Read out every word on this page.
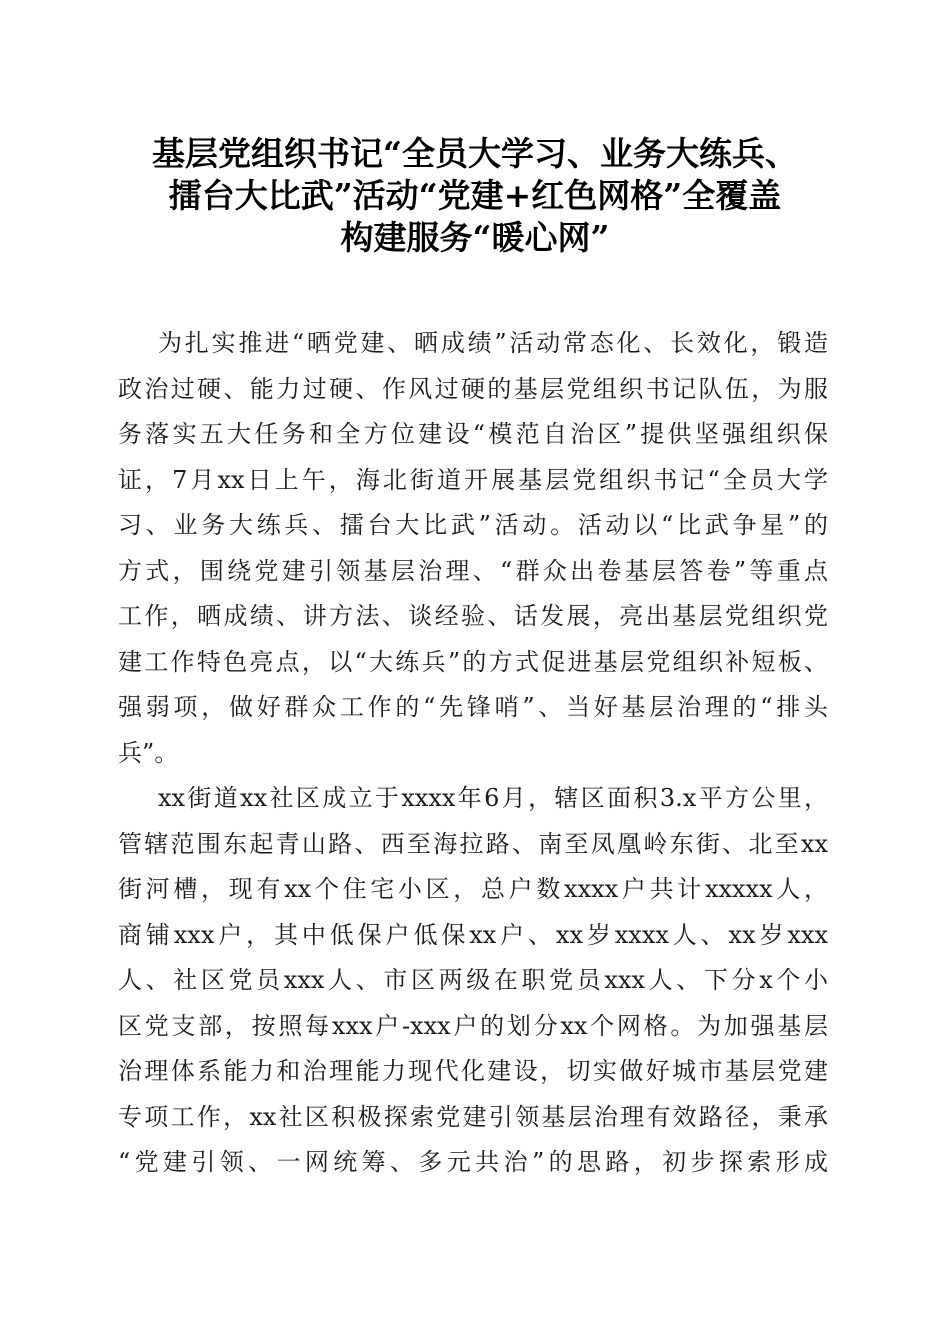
基层党组织书记“全员大学习、业务大练兵、
擂台大比武”活动“党建+红色网格”全覆盖
构建服务“暖心网”
为扎实推进“晒党建、晒成绩”活动常态化、长效化，锻造
政治过硬、能力过硬、作风过硬的基层党组织书记队伍，为服
务落实五大任务和全方位建设“模范自治区”提供坚强组织保
证，7月xx日上午，海北街道开展基层党组织书记“全员大学
习、业务大练兵、擂台大比武”活动。活动以“比武争星”的
方式，围绕党建引领基层治理、“群众出卷基层答卷”等重点
工作，晒成绩、讲方法、谈经验、话发展，亮出基层党组织党
建工作特色亮点，以“大练兵”的方式促进基层党组织补短板、
强弱项，做好群众工作的“先锋哨”、当好基层治理的“排头
兵”。
xx街道xx社区成立于xxxx年6月，辖区面积3.x平方公里，
管辖范围东起青山路、西至海拉路、南至凤凰岭东街、北至xx
街河槽，现有xx个住宅小区，总户数xxxx户共计xxxxx人，
商铺xxx户，其中低保户低保xx户、xx岁xxxx人、xx岁xxx
人、社区党员xxx人、市区两级在职党员xxx人、下分x个小
区党支部，按照每xxx户-xxx户的划分xx个网格。为加强基层
治理体系能力和治理能力现代化建设，切实做好城市基层党建
专项工作，xx社区积极探索党建引领基层治理有效路径，秉承
“党建引领、一网统筹、多元共治”的思路，初步探索形成
